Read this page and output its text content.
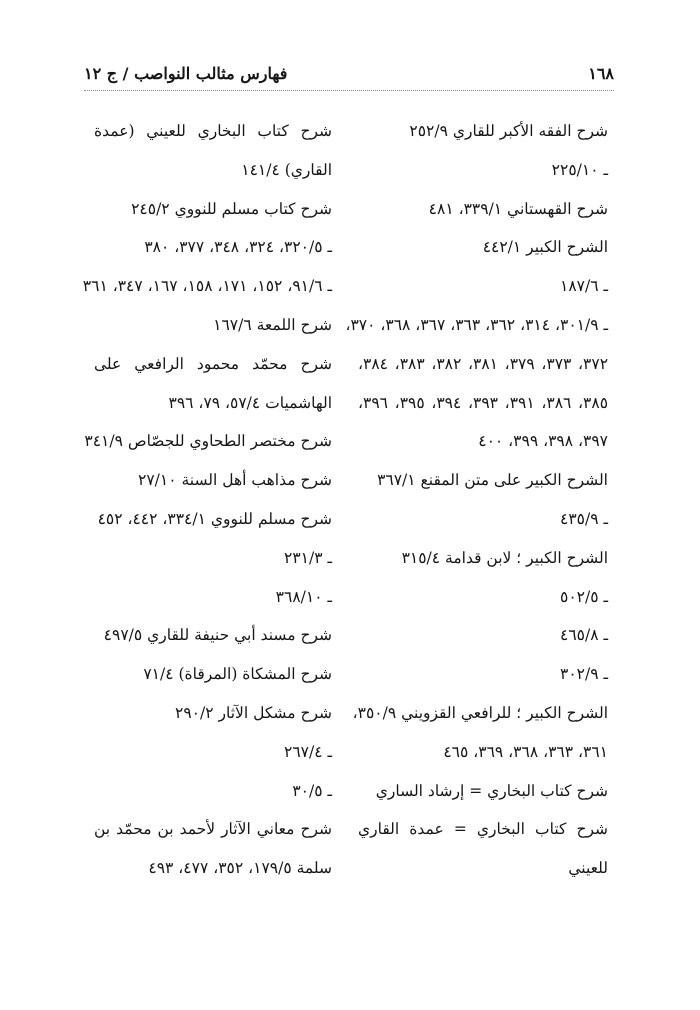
١٦٨
فهارس مثالب النواصب / ج ١٢
شرح الفقه الأكبر للقاري ٢٥٢/٩
ـ ٢٢٥/١٠
شرح القهستاني ٣٣٩/١، ٤٨١
الشرح الكبير ٤٤٢/١
ـ ١٨٧/٦
ـ ٣٠١/٩، ٣١٤، ٣٦٢، ٣٦٣، ٣٦٧، ٣٦٨، ٣٧٠،
٣٧٢، ٣٧٣، ٣٧٩، ٣٨١، ٣٨٢، ٣٨٣، ٣٨٤،
٣٨٥، ٣٨٦، ٣٩١، ٣٩٣، ٣٩٤، ٣٩٥، ٣٩٦،
٣٩٧، ٣٩٨، ٣٩٩، ٤٠٠
الشرح الكبير على متن المقنع ٣٦٧/١
ـ ٤٣٥/٩
الشرح الكبير ؛ لابن قدامة ٣١٥/٤
ـ ٥٠٢/٥
ـ ٤٦٥/٨
ـ ٣٠٢/٩
الشرح الكبير ؛ للرافعي القزويني ٣٥٠/٩،
٣٦١، ٣٦٣، ٣٦٨، ٣٦٩، ٤٦٥
شرح كتاب البخاري = إرشاد الساري
شرح كتاب البخاري = عمدة القاري
للعيني
شرح كتاب البخاري للعيني (عمدة
القاري) ١٤١/٤
شرح كتاب مسلم للنووي ٢٤٥/٢
ـ ٣٢٠/٥، ٣٢٤، ٣٤٨، ٣٧٧، ٣٨٠
ـ ٩١/٦، ١٥٢، ١٧١، ١٥٨، ١٦٧، ٣٤٧، ٣٦١
شرح اللمعة ١٦٧/٦
شرح محمّد محمود الرافعي على
الهاشميات ٥٧/٤، ٧٩، ٣٩٦
شرح مختصر الطحاوي للجصّاص ٣٤١/٩
شرح مذاهب أهل السنة ٢٧/١٠
شرح مسلم للنووي ٣٣٤/١، ٤٤٢، ٤٥٢
ـ ٢٣١/٣
ـ ٣٦٨/١٠
شرح مسند أبي حنيفة للقاري ٤٩٧/٥
شرح المشكاة (المرقاة) ٧١/٤
شرح مشكل الآثار ٢٩٠/٢
ـ ٢٦٧/٤
ـ ٣٠/٥
شرح معاني الآثار لأحمد بن محمّد بن
سلمة ١٧٩/٥، ٣٥٢، ٤٧٧، ٤٩٣
